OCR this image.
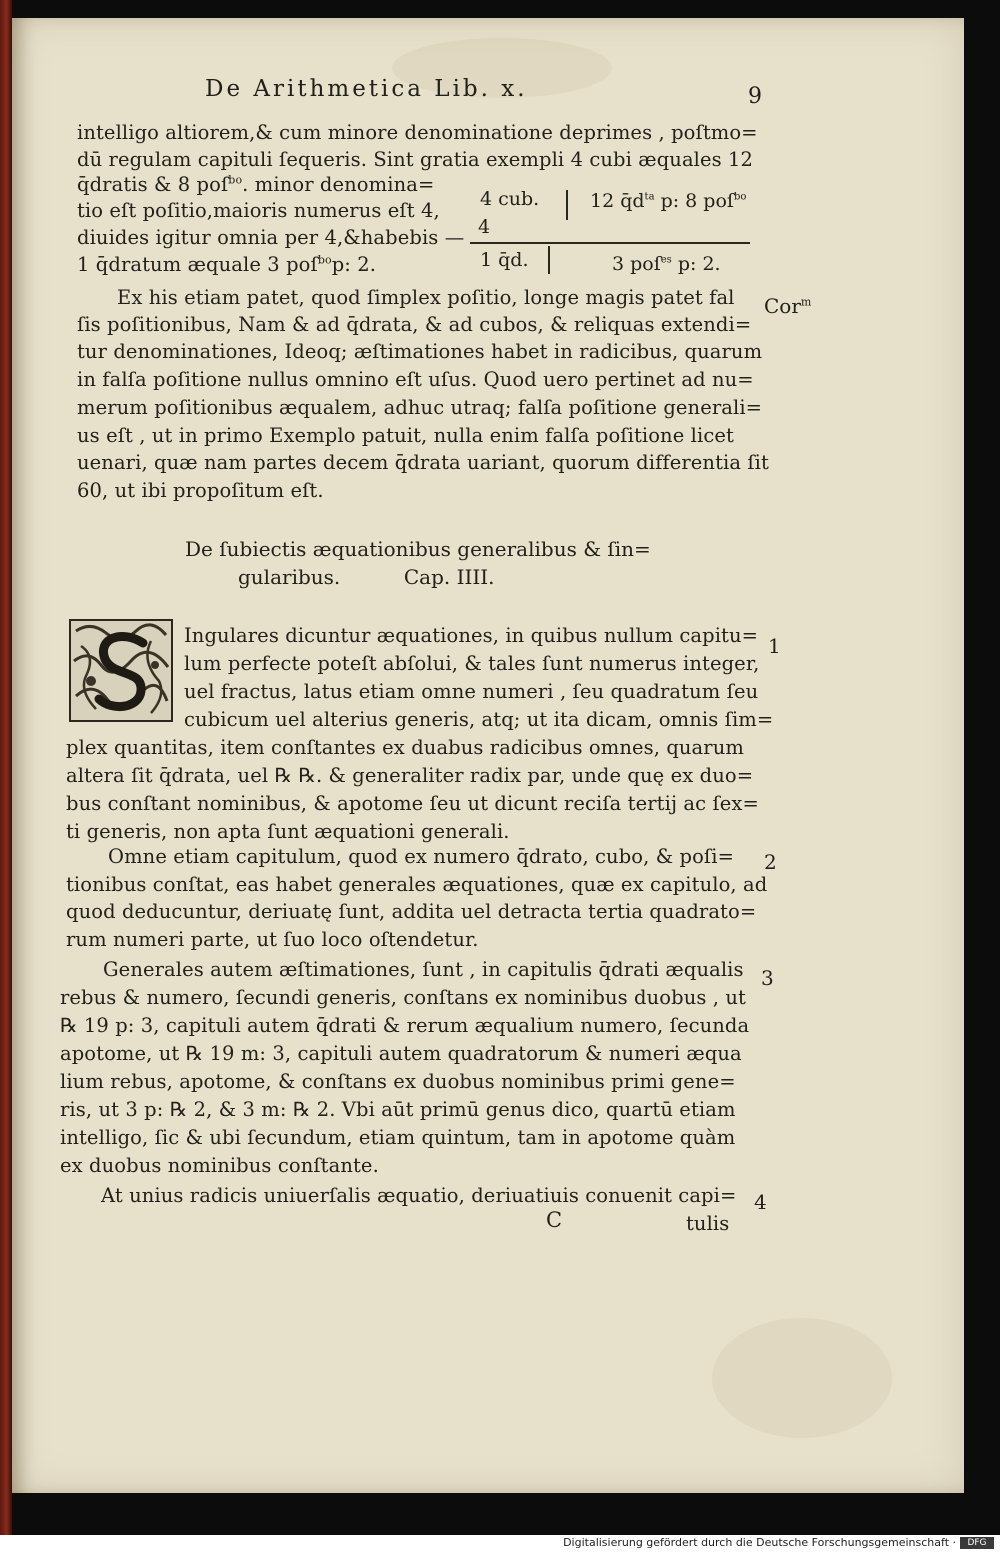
De Arithmetica Lib. x.	9
intelligo altiorem,& cum minore denominatione deprimes , poſtmo=
dū regulam capituli ſequeris. Sint gratia exempli 4 cubi æquales 12
q̄dratis & 8 poſ$^{bo}$. minor denomina=
tio eſt poſitio,maioris numerus eſt 4,
diuides igitur omnia per 4,&habebis —
1 q̄dratum æquale 3 poſ$^{bo}$p: 2.
4 cub.	12 $q̄d^{ta}$ p: 8 poſ$^{bo}$
4
1 q̄d.	3 poſ$^{es}$ p: 2.
Ex his etiam patet, quod ſimplex poſitio, longe magis patet fal
ſis poſitionibus, Nam & ad q̄drata, & ad cubos, & reliquas extendi=
tur denominationes, Ideoq; æſtimationes habet in radicibus, quarum
in falſa poſitione nullus omnino eſt uſus. Quod uero pertinet ad nu=
merum poſitionibus æqualem, adhuc utraq; falſa poſitione generali=
us eſt , ut in primo Exemplo patuit, nulla enim falſa poſitione licet
uenari, quæ nam partes decem q̄drata uariant, quorum differentia ſit
60, ut ibi propoſitum eſt.
Cor$^m$
De ſubiectis æquationibus generalibus & ſin=
gularibus.          Cap. IIII.
Ingulares dicuntur æquationes, in quibus nullum capitu=
lum perfecte poteſt abſolui, & tales ſunt numerus integer,
uel fractus, latus etiam omne numeri , ſeu quadratum ſeu
cubicum uel alterius generis, atq; ut ita dicam, omnis ſim=
plex quantitas, item conſtantes ex duabus radicibus omnes, quarum
altera ſit q̄drata, uel ℞ ℞. & generaliter radix par, unde quę ex duo=
bus conſtant nominibus, & apotome ſeu ut dicunt reciſa tertij ac ſex=
ti generis, non apta ſunt æquationi generali.
Omne etiam capitulum, quod ex numero q̄drato, cubo, & poſi=
tionibus conſtat, eas habet generales æquationes, quæ ex capitulo, ad
quod deducuntur, deriuatę ſunt, addita uel detracta tertia quadrato=
rum numeri parte, ut ſuo loco oſtendetur.
Generales autem æſtimationes, ſunt , in capitulis q̄drati æqualis
rebus & numero, ſecundi generis, conſtans ex nominibus duobus , ut
℞ 19 p: 3, capituli autem q̄drati & rerum æqualium numero, ſecunda
apotome, ut ℞ 19 m: 3, capituli autem quadratorum & numeri æqua
lium rebus, apotome, & conſtans ex duobus nominibus primi gene=
ris, ut 3 p: ℞ 2, & 3 m: ℞ 2. Vbi aūt primū genus dico, quartū etiam
intelligo, ſic & ubi ſecundum, etiam quintum, tam in apotome quàm
ex duobus nominibus conſtante.
At unius radicis uniuerſalis æquatio, deriuatiuis conuenit capi=
C	tulis
1
2
3
4
Digitalisierung gefördert durch die Deutsche Forschungsgemeinschaft ·	DFG
